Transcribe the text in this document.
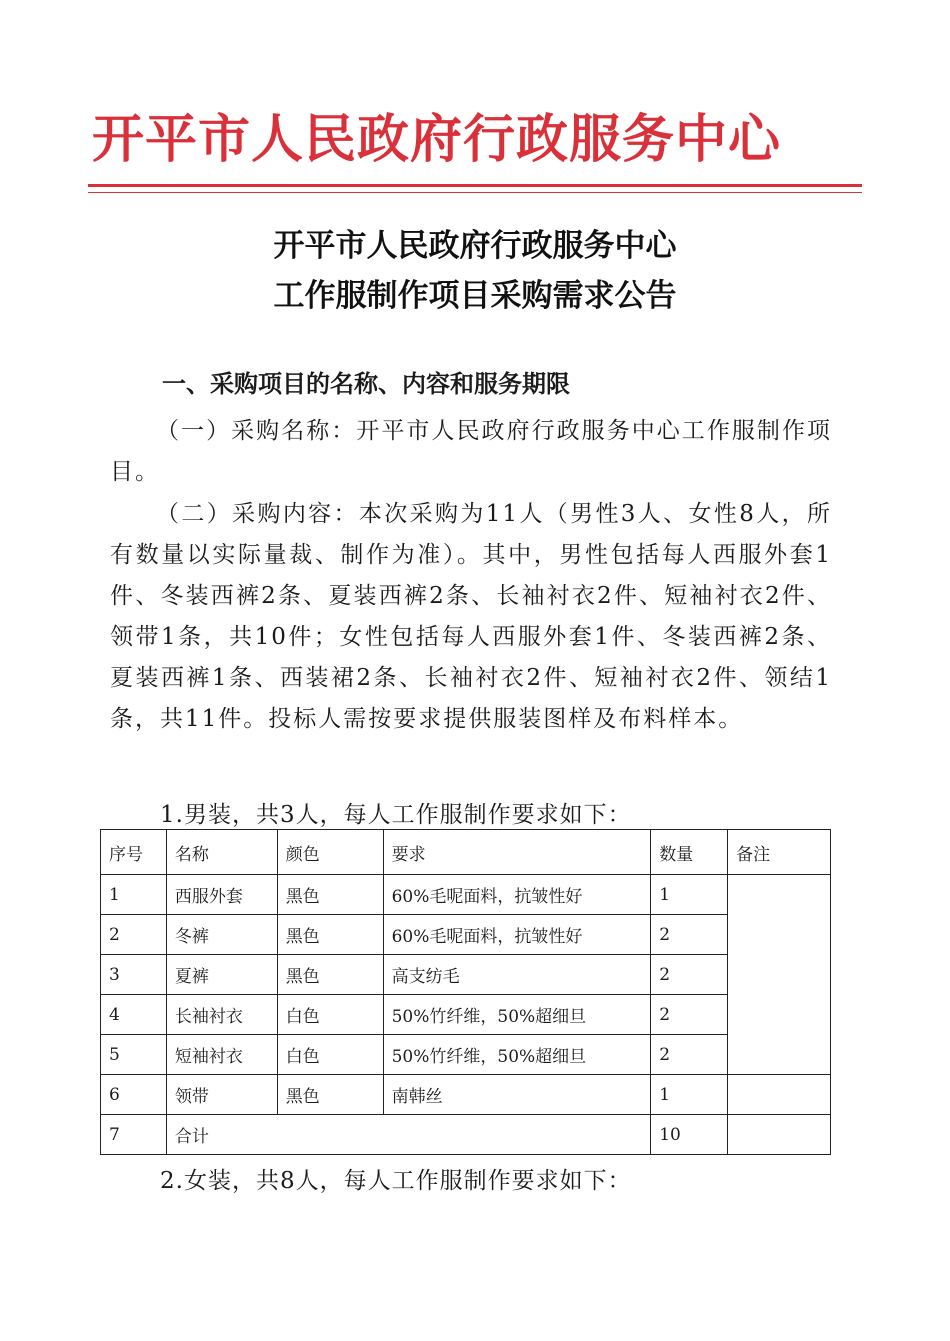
开平市人民政府行政服务中心
开平市人民政府行政服务中心
工作服制作项目采购需求公告
一、采购项目的名称、内容和服务期限
（一）采购名称：开平市人民政府行政服务中心工作服制作项目。
（二）采购内容：本次采购为11人（男性3人、女性8人，所有数量以实际量裁、制作为准）。其中，男性包括每人西服外套1件、冬装西裤2条、夏装西裤2条、长袖衬衣2件、短袖衬衣2件、领带1条，共10件；女性包括每人西服外套1件、冬装西裤2条、夏装西裤1条、西装裙2条、长袖衬衣2件、短袖衬衣2件、领结1条，共11件。投标人需按要求提供服装图样及布料样本。
1.男装，共3人，每人工作服制作要求如下：
序号	名称	颜色	要求	数量	备注
1	西服外套	黑色	60%毛呢面料，抗皱性好	1	
2	冬裤	黑色	60%毛呢面料，抗皱性好	2	
3	夏裤	黑色	高支纺毛	2	
4	长袖衬衣	白色	50%竹纤维，50%超细旦	2	
5	短袖衬衣	白色	50%竹纤维，50%超细旦	2	
6	领带	黑色	南韩丝	1	
7	合计			10	
2.女装，共8人，每人工作服制作要求如下：
